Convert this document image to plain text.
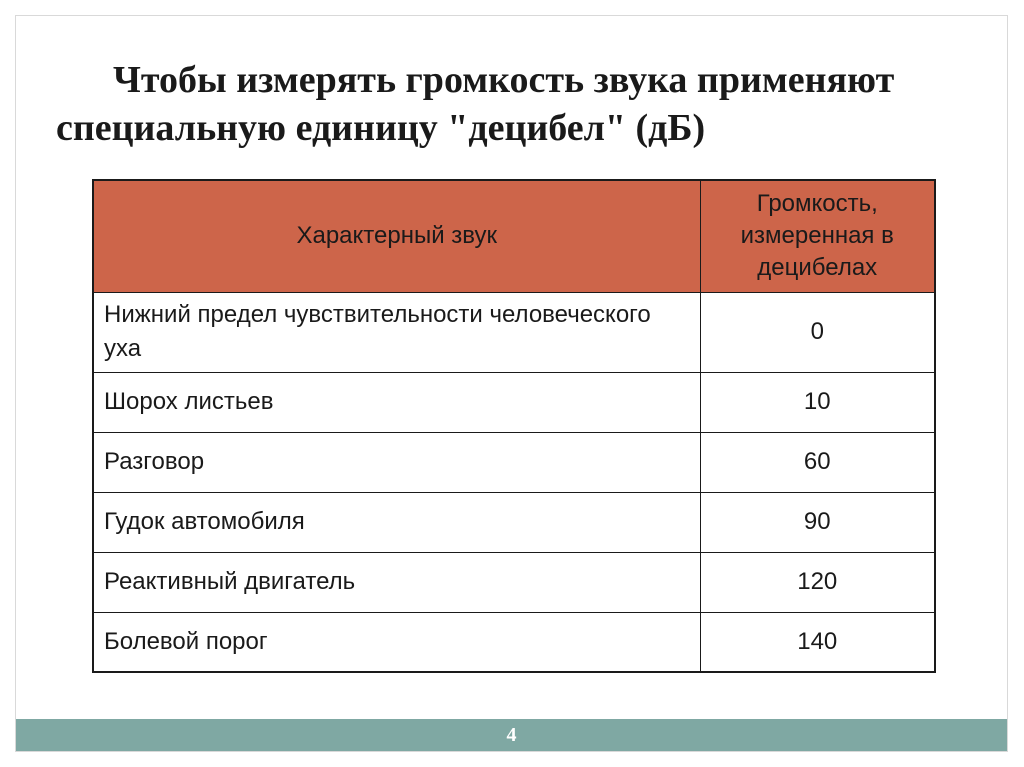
Чтобы измерять громкость звука применяют специальную единицу "децибел" (дБ)
Характерный звук	Громкость, измеренная в децибелах
Нижний предел чувствительности человеческого уха	0
Шорох листьев	10
Разговор	60
Гудок автомобиля	90
Реактивный двигатель	120
Болевой порог	140
4
